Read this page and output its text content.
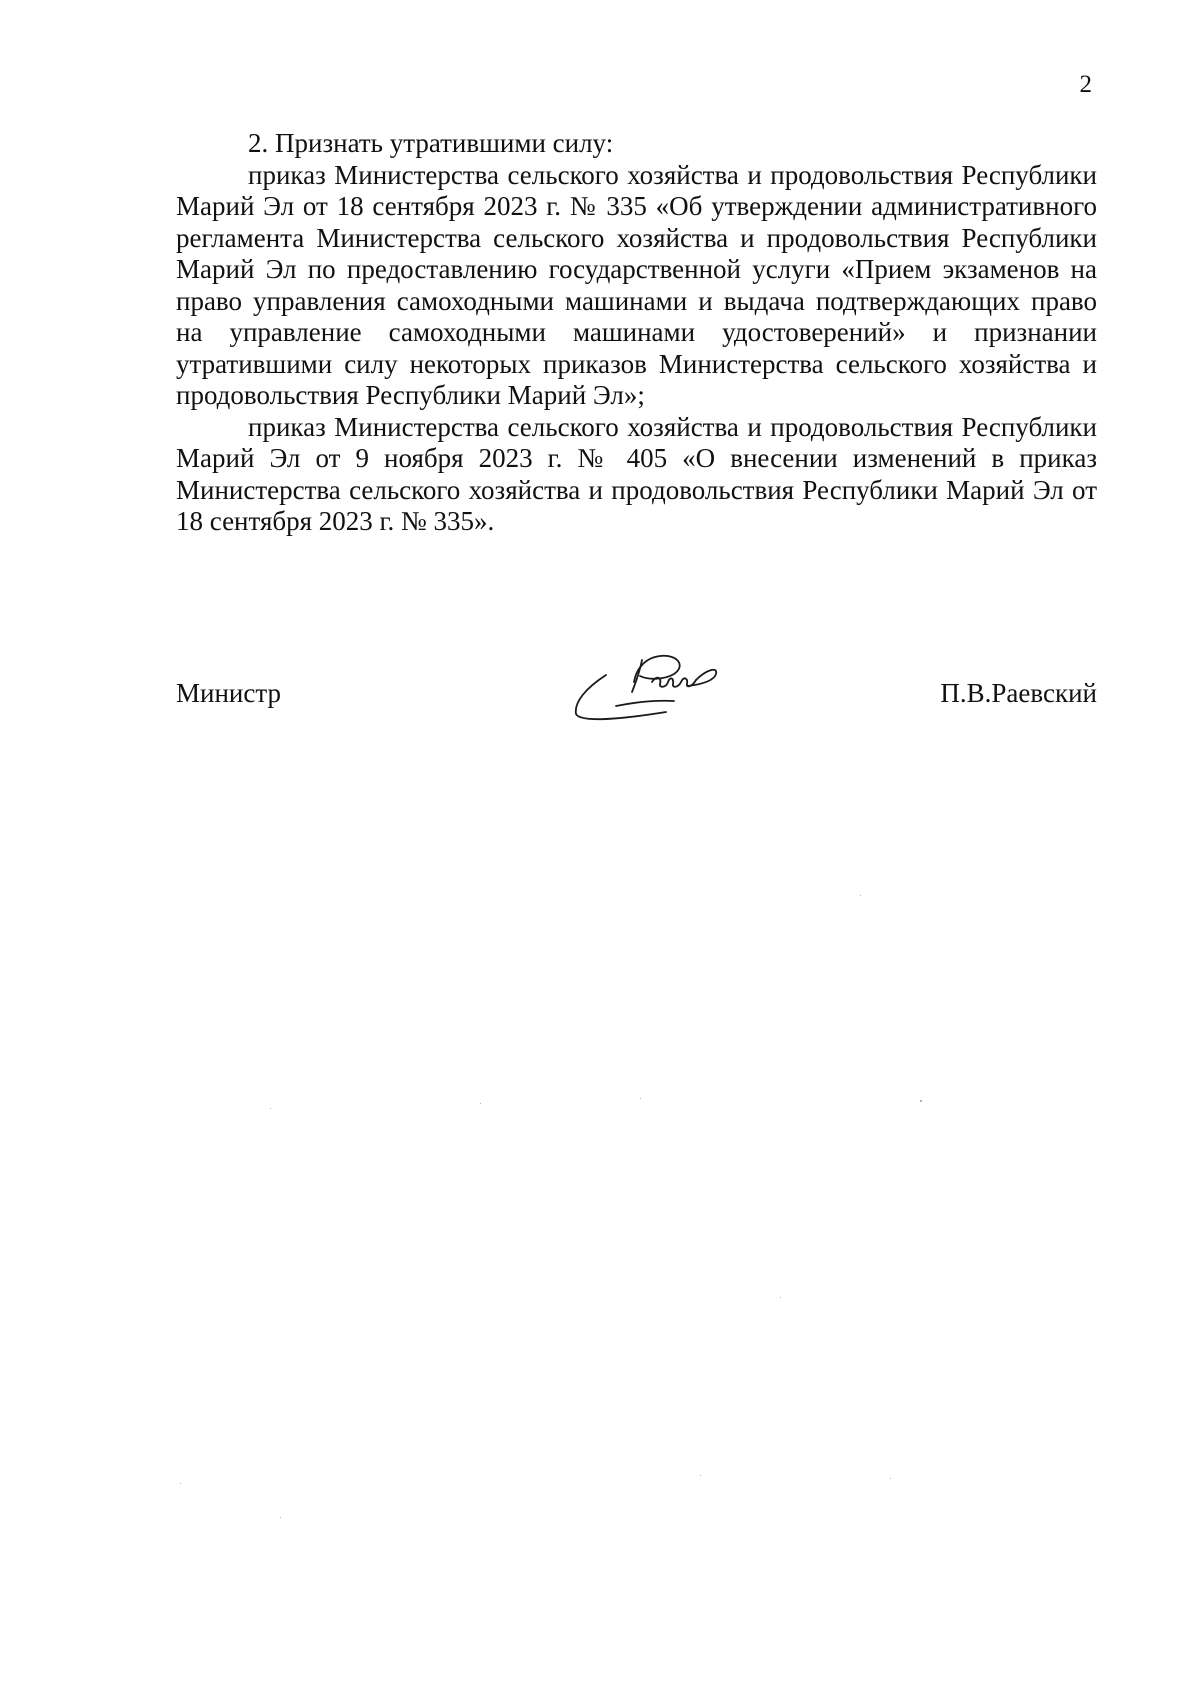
2

2. Признать утратившими силу:

приказ Министерства сельского хозяйства и продовольствия Республики Марий Эл от 18 сентября 2023 г. № 335 «Об утверждении административного регламента Министерства сельского хозяйства и продовольствия Республики Марий Эл по предоставлению государственной услуги «Прием экзаменов на право управления самоходными машинами и выдача подтверждающих право на управление самоходными машинами удостоверений» и признании утратившими силу некоторых приказов Министерства сельского хозяйства и продовольствия Республики Марий Эл»;

приказ Министерства сельского хозяйства и продовольствия Республики Марий Эл от 9 ноября 2023 г. № 405 «О внесении изменений в приказ Министерства сельского хозяйства и продовольствия Республики Марий Эл от 18 сентября 2023 г. № 335».

Министр	П.В.Раевский
